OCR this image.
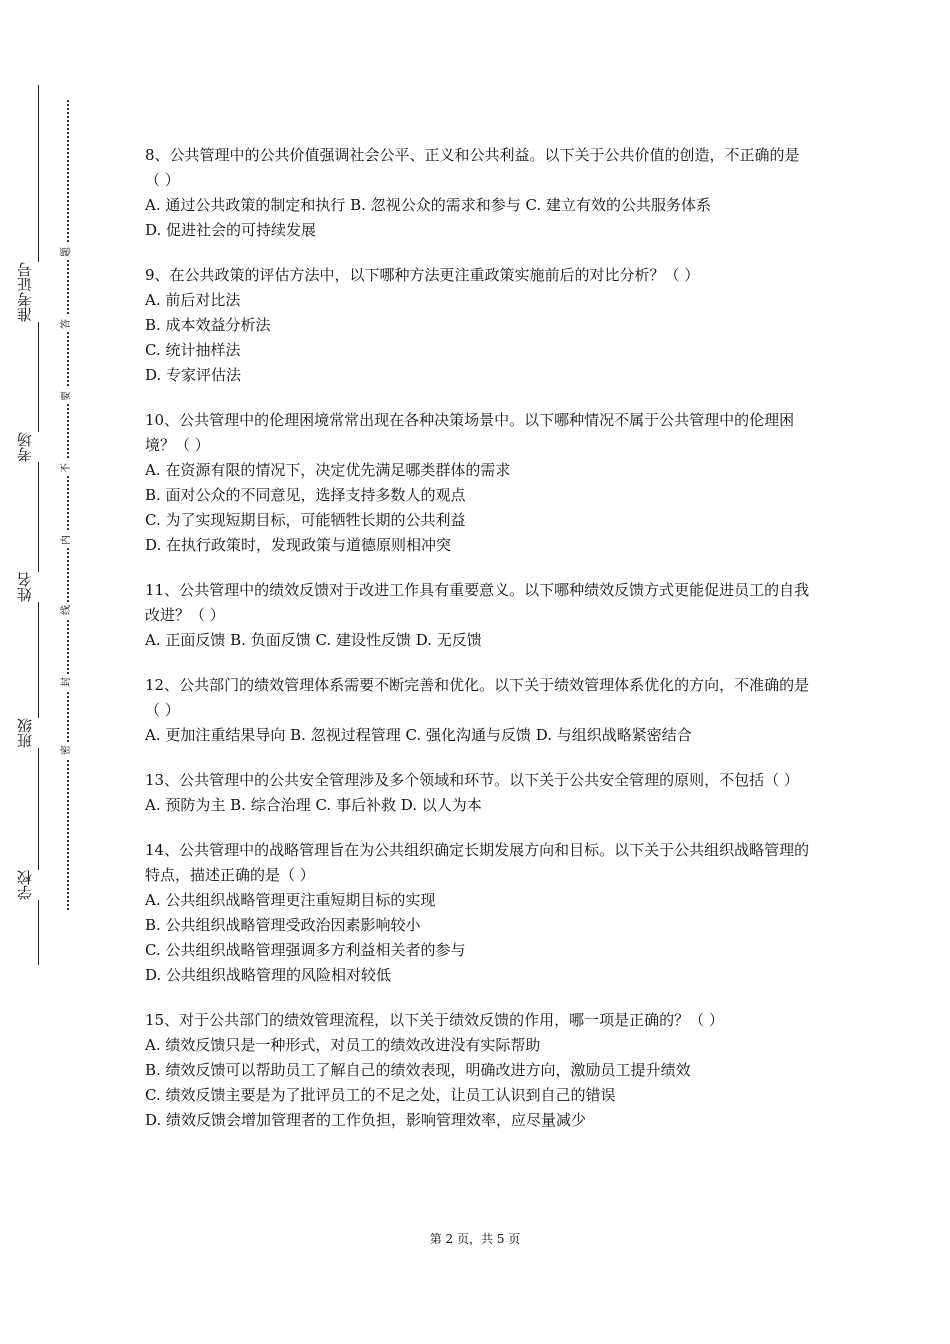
学校
班级
姓名
考场
准考证号
密
封
线
内
不
要
答
题

8、公共管理中的公共价值强调社会公平、正义和公共利益。以下关于公共价值的创造，不正确的是（ ）

A. 通过公共政策的制定和执行 B. 忽视公众的需求和参与 C. 建立有效的公共服务体系

D. 促进社会的可持续发展

9、在公共政策的评估方法中，以下哪种方法更注重政策实施前后的对比分析？（ ）

A. 前后对比法

B. 成本效益分析法

C. 统计抽样法

D. 专家评估法

10、公共管理中的伦理困境常常出现在各种决策场景中。以下哪种情况不属于公共管理中的伦理困境？（ ）

A. 在资源有限的情况下，决定优先满足哪类群体的需求

B. 面对公众的不同意见，选择支持多数人的观点

C. 为了实现短期目标，可能牺牲长期的公共利益

D. 在执行政策时，发现政策与道德原则相冲突

11、公共管理中的绩效反馈对于改进工作具有重要意义。以下哪种绩效反馈方式更能促进员工的自我改进？（ ）

A. 正面反馈 B. 负面反馈 C. 建设性反馈 D. 无反馈

12、公共部门的绩效管理体系需要不断完善和优化。以下关于绩效管理体系优化的方向，不准确的是（ ）

A. 更加注重结果导向 B. 忽视过程管理 C. 强化沟通与反馈 D. 与组织战略紧密结合

13、公共管理中的公共安全管理涉及多个领域和环节。以下关于公共安全管理的原则，不包括（ ）

A. 预防为主 B. 综合治理 C. 事后补救 D. 以人为本

14、公共管理中的战略管理旨在为公共组织确定长期发展方向和目标。以下关于公共组织战略管理的特点，描述正确的是（ ）

A. 公共组织战略管理更注重短期目标的实现

B. 公共组织战略管理受政治因素影响较小

C. 公共组织战略管理强调多方利益相关者的参与

D. 公共组织战略管理的风险相对较低

15、对于公共部门的绩效管理流程，以下关于绩效反馈的作用，哪一项是正确的？（ ）

A. 绩效反馈只是一种形式，对员工的绩效改进没有实际帮助

B. 绩效反馈可以帮助员工了解自己的绩效表现，明确改进方向，激励员工提升绩效

C. 绩效反馈主要是为了批评员工的不足之处，让员工认识到自己的错误

D. 绩效反馈会增加管理者的工作负担，影响管理效率，应尽量减少

第 2 页，共 5 页
